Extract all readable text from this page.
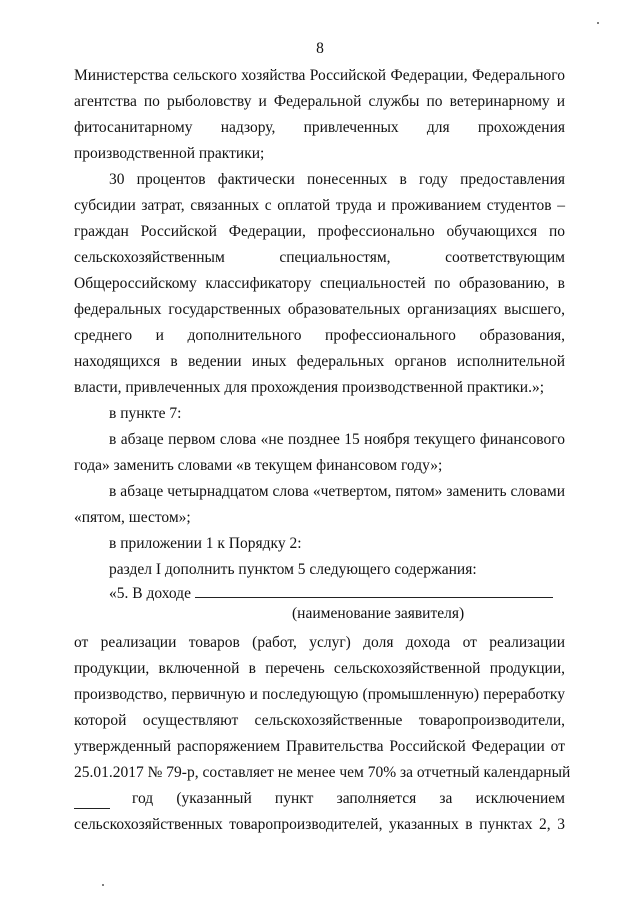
8
Министерства сельского хозяйства Российской Федерации, Федерального
агентства по рыболовству и Федеральной службы по ветеринарному и
фитосанитарному надзору, привлеченных для прохождения
производственной практики;
30 процентов фактически понесенных в году предоставления
субсидии затрат, связанных с оплатой труда и проживанием студентов –
граждан Российской Федерации, профессионально обучающихся по
сельскохозяйственным специальностям, соответствующим
Общероссийскому классификатору специальностей по образованию, в
федеральных государственных образовательных организациях высшего,
среднего и дополнительного профессионального образования,
находящихся в ведении иных федеральных органов исполнительной
власти, привлеченных для прохождения производственной практики.»;
в пункте 7:
в абзаце первом слова «не позднее 15 ноября текущего финансового
года» заменить словами «в текущем финансовом году»;
в абзаце четырнадцатом слова «четвертом, пятом» заменить словами
«пятом, шестом»;
в приложении 1 к Порядку 2:
раздел I дополнить пунктом 5 следующего содержания:
«5. В доходе
(наименование заявителя)
от реализации товаров (работ, услуг) доля дохода от реализации
продукции, включенной в перечень сельскохозяйственной продукции,
производство, первичную и последующую (промышленную) переработку
которой осуществляют сельскохозяйственные товаропроизводители,
утвержденный распоряжением Правительства Российской Федерации от
25.01.2017 № 79-р, составляет не менее чем 70% за отчетный календарный
год (указанный пункт заполняется за исключением
сельскохозяйственных товаропроизводителей, указанных в пунктах 2, 3
